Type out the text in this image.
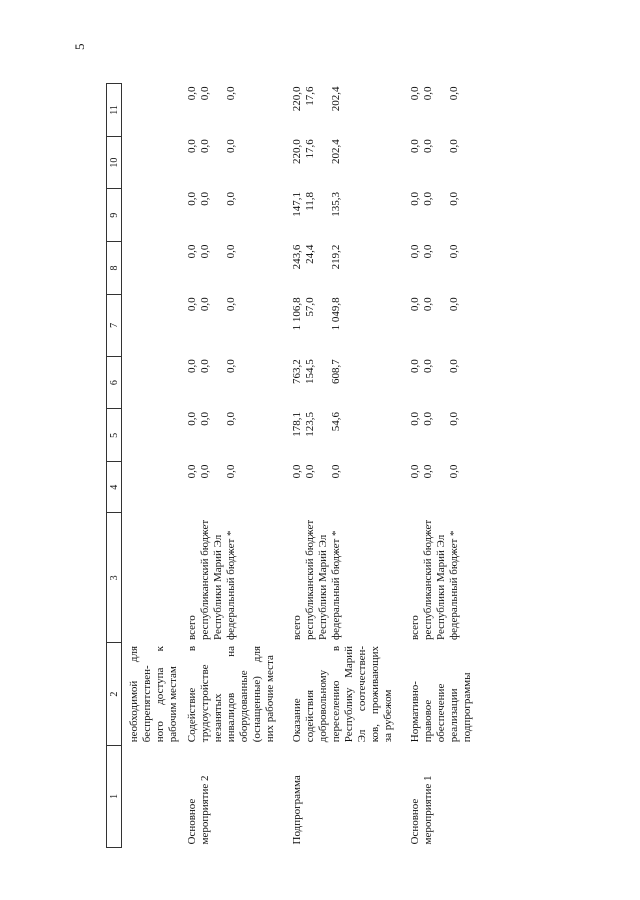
5
1	2	3	4	5	6	7	8	9	10	11

	необходимой для беспрепятствен-ного доступа к рабочим местам									

Основное мероприятие 2	Содействие в трудоустройстве незанятых инвалидов на оборудованные (оснащенные) для них рабочие места	всего республиканский бюджет Республики Марий Эл федеральный бюджет *	0,0 0,0 0,0	0,0 0,0 0,0	0,0 0,0 0,0	0,0 0,0 0,0	0,0 0,0 0,0	0,0 0,0 0,0	0,0 0,0 0,0	0,0 0,0 0,0

Подпрограмма	Оказание содействия добровольному переселению в Республику Марий Эл соотечествен-ков, проживающих за рубежом	всего республиканский бюджет Республики Марий Эл федеральный бюджет *	0,0 0,0 0,0	178,1 123,5 54,6	763,2 154,5 608,7	1 106,8 57,0 1 049,8	243,6 24,4 219,2	147,1 11,8 135,3	220,0 17,6 202,4	220,0 17,6 202,4

Основное мероприятие 1	Нормативно-правовое обеспечение реализации подпрограммы	всего республиканский бюджет Республики Марий Эл федеральный бюджет *	0,0 0,0 0,0	0,0 0,0 0,0	0,0 0,0 0,0	0,0 0,0 0,0	0,0 0,0 0,0	0,0 0,0 0,0	0,0 0,0 0,0	0,0 0,0 0,0
